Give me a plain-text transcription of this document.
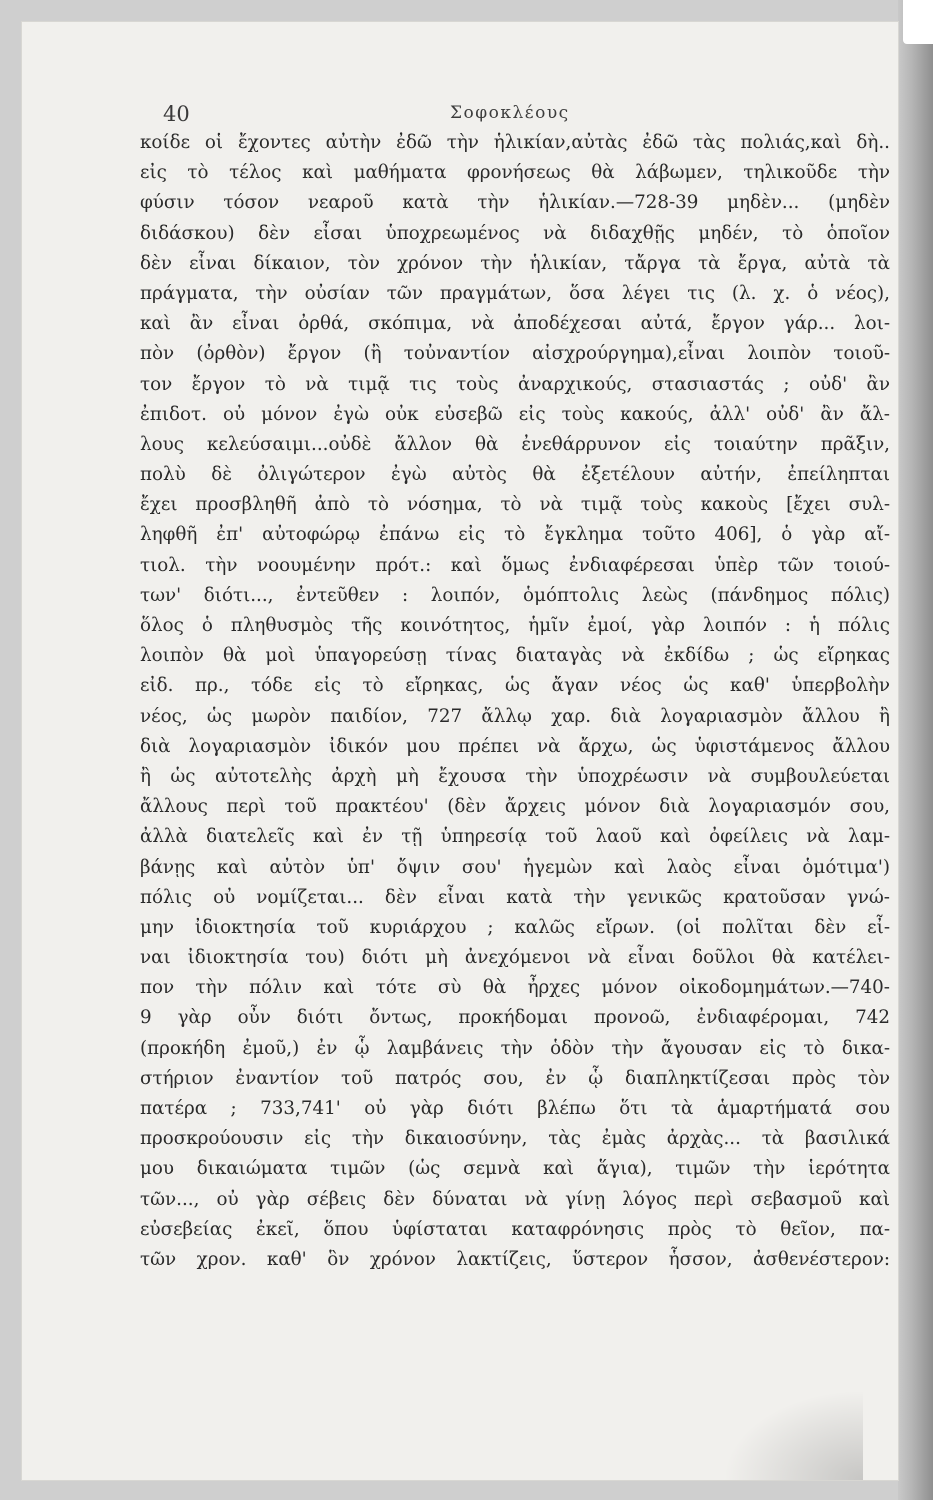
40	Σοφοκλέους
κοίδε οἱ ἔχοντες αὐτὴν ἐδῶ τὴν ἡλικίαν,αὐτὰς ἐδῶ τὰς πολιάς,καὶ δὴ..
εἰς τὸ τέλος καὶ μαθήματα φρονήσεως θὰ λάβωμεν, τηλικοῦδε τὴν
φύσιν τόσον νεαροῦ κατὰ τὴν ἡλικίαν.—728-39 μηδὲν... (μηδὲν
διδάσκου) δὲν εἶσαι ὑποχρεωμένος νὰ διδαχθῇς μηδέν, τὸ ὁποῖον
δὲν εἶναι δίκαιον, τὸν χρόνον τὴν ἡλικίαν, τἄργα τὰ ἔργα, αὐτὰ τὰ
πράγματα, τὴν οὐσίαν τῶν πραγμάτων, ὅσα λέγει τις (λ. χ. ὁ νέος),
καὶ ἂν εἶναι ὀρθά, σκόπιμα, νὰ ἀποδέχεσαι αὐτά, ἔργον γάρ... λοι-
πὸν (ὀρθὸν) ἔργον (ἢ τοὐναντίον αἰσχρούργημα),εἶναι λοιπὸν τοιοῦ-
τον ἔργον τὸ νὰ τιμᾷ τις τοὺς ἀναρχικούς, στασιαστάς ; οὐδ' ἂν
ἐπιδοτ. οὐ μόνον ἐγὼ οὐκ εὐσεβῶ εἰς τοὺς κακούς, ἀλλ' οὐδ' ἂν ἄλ-
λους κελεύσαιμι...οὐδὲ ἄλλον θὰ ἐνεθάρρυνον εἰς τοιαύτην πρᾶξιν,
πολὺ δὲ ὀλιγώτερον ἐγὼ αὐτὸς θὰ ἐξετέλουν αὐτήν, ἐπείληπται
ἔχει προσβληθῆ ἀπὸ τὸ νόσημα, τὸ νὰ τιμᾷ τοὺς κακοὺς [ἔχει συλ-
ληφθῆ ἐπ' αὐτοφώρῳ ἐπάνω εἰς τὸ ἔγκλημα τοῦτο 406], ὁ γὰρ αἴ-
τιολ. τὴν νοουμένην πρότ.: καὶ ὅμως ἐνδιαφέρεσαι ὑπὲρ τῶν τοιού-
των' διότι..., ἐντεῦθεν : λοιπόν, ὁμόπτολις λεὼς (πάνδημος πόλις)
ὅλος ὁ πληθυσμὸς τῆς κοινότητος, ἡμῖν ἐμοί, γὰρ λοιπόν : ἡ πόλις
λοιπὸν θὰ μοὶ ὑπαγορεύσῃ τίνας διαταγὰς νὰ ἐκδίδω ; ὡς εἴρηκας
εἰδ. πρ., τόδε εἰς τὸ εἴρηκας, ὡς ἄγαν νέος ὡς καθ' ὑπερβολὴν
νέος, ὡς μωρὸν παιδίον, 727 ἄλλῳ χαρ. διὰ λογαριασμὸν ἄλλου ἢ
διὰ λογαριασμὸν ἰδικόν μου πρέπει νὰ ἄρχω, ὡς ὑφιστάμενος ἄλλου
ἢ ὡς αὐτοτελὴς ἀρχὴ μὴ ἔχουσα τὴν ὑποχρέωσιν νὰ συμβουλεύεται
ἄλλους περὶ τοῦ πρακτέου' (δὲν ἄρχεις μόνον διὰ λογαριασμόν σου,
ἀλλὰ διατελεῖς καὶ ἐν τῇ ὑπηρεσίᾳ τοῦ λαοῦ καὶ ὀφείλεις νὰ λαμ-
βάνῃς καὶ αὐτὸν ὑπ' ὄψιν σου' ἡγεμὼν καὶ λαὸς εἶναι ὁμότιμα')
πόλις οὐ νομίζεται... δὲν εἶναι κατὰ τὴν γενικῶς κρατοῦσαν γνώ-
μην ἰδιοκτησία τοῦ κυριάρχου ; καλῶς εἴρων. (οἱ πολῖται δὲν εἶ-
ναι ἰδιοκτησία του) διότι μὴ ἀνεχόμενοι νὰ εἶναι δοῦλοι θὰ κατέλει-
πον τὴν πόλιν καὶ τότε σὺ θὰ ἦρχες μόνον οἰκοδομημάτων.—740-
9 γὰρ οὖν διότι ὄντως, προκήδομαι προνοῶ, ἐνδιαφέρομαι, 742
(προκήδη ἐμοῦ,) ἐν ᾧ λαμβάνεις τὴν ὁδὸν τὴν ἄγουσαν εἰς τὸ δικα-
στήριον ἐναντίον τοῦ πατρός σου, ἐν ᾧ διαπληκτίζεσαι πρὸς τὸν
πατέρα ; 733,741' οὐ γὰρ διότι βλέπω ὅτι τὰ ἁμαρτήματά σου
προσκρούουσιν εἰς τὴν δικαιοσύνην, τὰς ἐμὰς ἀρχὰς... τὰ βασιλικά
μου δικαιώματα τιμῶν (ὡς σεμνὰ καὶ ἅγια), τιμῶν τὴν ἱερότητα
τῶν..., οὐ γὰρ σέβεις δὲν δύναται νὰ γίνῃ λόγος περὶ σεβασμοῦ καὶ
εὐσεβείας ἐκεῖ, ὅπου ὑφίσταται καταφρόνησις πρὸς τὸ θεῖον, πα-
τῶν χρον. καθ' ὃν χρόνον λακτίζεις, ὕστερον ἧσσον, ἀσθενέστερον:
